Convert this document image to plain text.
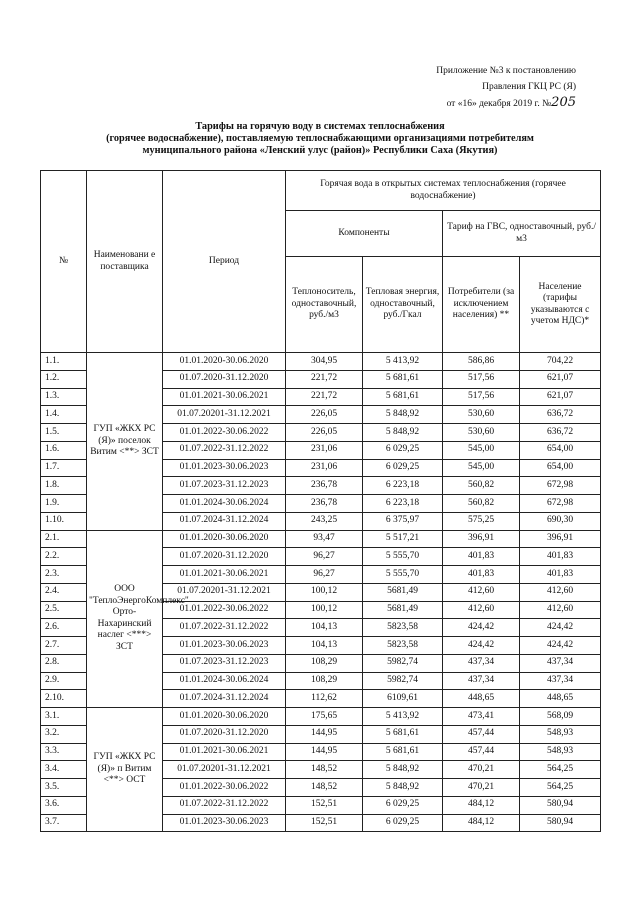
Приложение №3 к постановлению
Правления ГКЦ РС (Я)
от «16» декабря 2019 г. №205
Тарифы на горячую воду в системах теплоснабжения
(горячее водоснабжение), поставляемую теплоснабжающими организациями потребителям
муниципального района «Ленский улус (район)» Республики Саха (Якутия)
№	Наименовани е поставщика	Период	Горячая вода в открытых системах теплоснабжения (горячее водоснабжение)			
			Компоненты		Тариф на ГВС, одноставочный, руб./м3	
			Теплоноситель, одноставочный, руб./м3	Тепловая энергия, одноставочный, руб./Гкал	Потребители (за исключением населения) **	Население (тарифы указываются с учетом НДС)*

1.1.	ГУП «ЖКХ РС (Я)» поселок Витим <**> ЗСТ	01.01.2020-30.06.2020	304,95	5 413,92	586,86	704,22
1.2.		01.07.2020-31.12.2020	221,72	5 681,61	517,56	621,07
1.3.		01.01.2021-30.06.2021	221,72	5 681,61	517,56	621,07
1.4.		01.07.20201-31.12.2021	226,05	5 848,92	530,60	636,72
1.5.		01.01.2022-30.06.2022	226,05	5 848,92	530,60	636,72
1.6.		01.07.2022-31.12.2022	231,06	6 029,25	545,00	654,00
1.7.		01.01.2023-30.06.2023	231,06	6 029,25	545,00	654,00
1.8.		01.07.2023-31.12.2023	236,78	6 223,18	560,82	672,98
1.9.		01.01.2024-30.06.2024	236,78	6 223,18	560,82	672,98
1.10.		01.07.2024-31.12.2024	243,25	6 375,97	575,25	690,30
2.1.	ООО "ТеплоЭнергоКомплекс" Орто-Нахаринский наслег <***> ЗСТ	01.01.2020-30.06.2020	93,47	5 517,21	396,91	396,91
2.2.		01.07.2020-31.12.2020	96,27	5 555,70	401,83	401,83
2.3.		01.01.2021-30.06.2021	96,27	5 555,70	401,83	401,83
2.4.		01.07.20201-31.12.2021	100,12	5681,49	412,60	412,60
2.5.		01.01.2022-30.06.2022	100,12	5681,49	412,60	412,60
2.6.		01.07.2022-31.12.2022	104,13	5823,58	424,42	424,42
2.7.		01.01.2023-30.06.2023	104,13	5823,58	424,42	424,42
2.8.		01.07.2023-31.12.2023	108,29	5982,74	437,34	437,34
2.9.		01.01.2024-30.06.2024	108,29	5982,74	437,34	437,34
2.10.		01.07.2024-31.12.2024	112,62	6109,61	448,65	448,65
3.1.	ГУП «ЖКХ РС (Я)» п Витим <**> ОСТ	01.01.2020-30.06.2020	175,65	5 413,92	473,41	568,09
3.2.		01.07.2020-31.12.2020	144,95	5 681,61	457,44	548,93
3.3.		01.01.2021-30.06.2021	144,95	5 681,61	457,44	548,93
3.4.		01.07.20201-31.12.2021	148,52	5 848,92	470,21	564,25
3.5.		01.01.2022-30.06.2022	148,52	5 848,92	470,21	564,25
3.6.		01.07.2022-31.12.2022	152,51	6 029,25	484,12	580,94
3.7.		01.01.2023-30.06.2023	152,51	6 029,25	484,12	580,94
